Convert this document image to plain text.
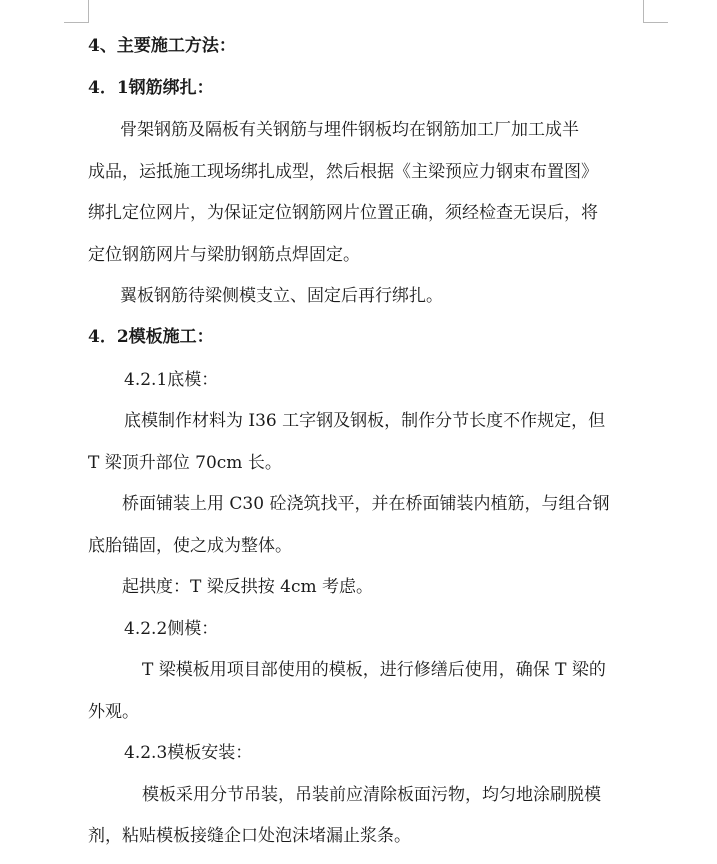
4、主要施工方法：
4．1钢筋绑扎：
骨架钢筋及隔板有关钢筋与埋件钢板均在钢筋加工厂加工成半
成品，运抵施工现场绑扎成型，然后根据《主梁预应力钢束布置图》
绑扎定位网片，为保证定位钢筋网片位置正确，须经检查无误后，将
定位钢筋网片与梁肋钢筋点焊固定。
翼板钢筋待梁侧模支立、固定后再行绑扎。
4．2模板施工：
4.2.1底模：
底模制作材料为 I36 工字钢及钢板，制作分节长度不作规定，但
T 梁顶升部位 70cm 长。
桥面铺装上用 C30 砼浇筑找平，并在桥面铺装内植筋，与组合钢
底胎锚固，使之成为整体。
起拱度：T 梁反拱按 4cm 考虑。
4.2.2侧模：
T 梁模板用项目部使用的模板，进行修缮后使用，确保 T 梁的
外观。
4.2.3模板安装：
模板采用分节吊装，吊装前应清除板面污物，均匀地涂刷脱模
剂，粘贴模板接缝企口处泡沫堵漏止浆条。
